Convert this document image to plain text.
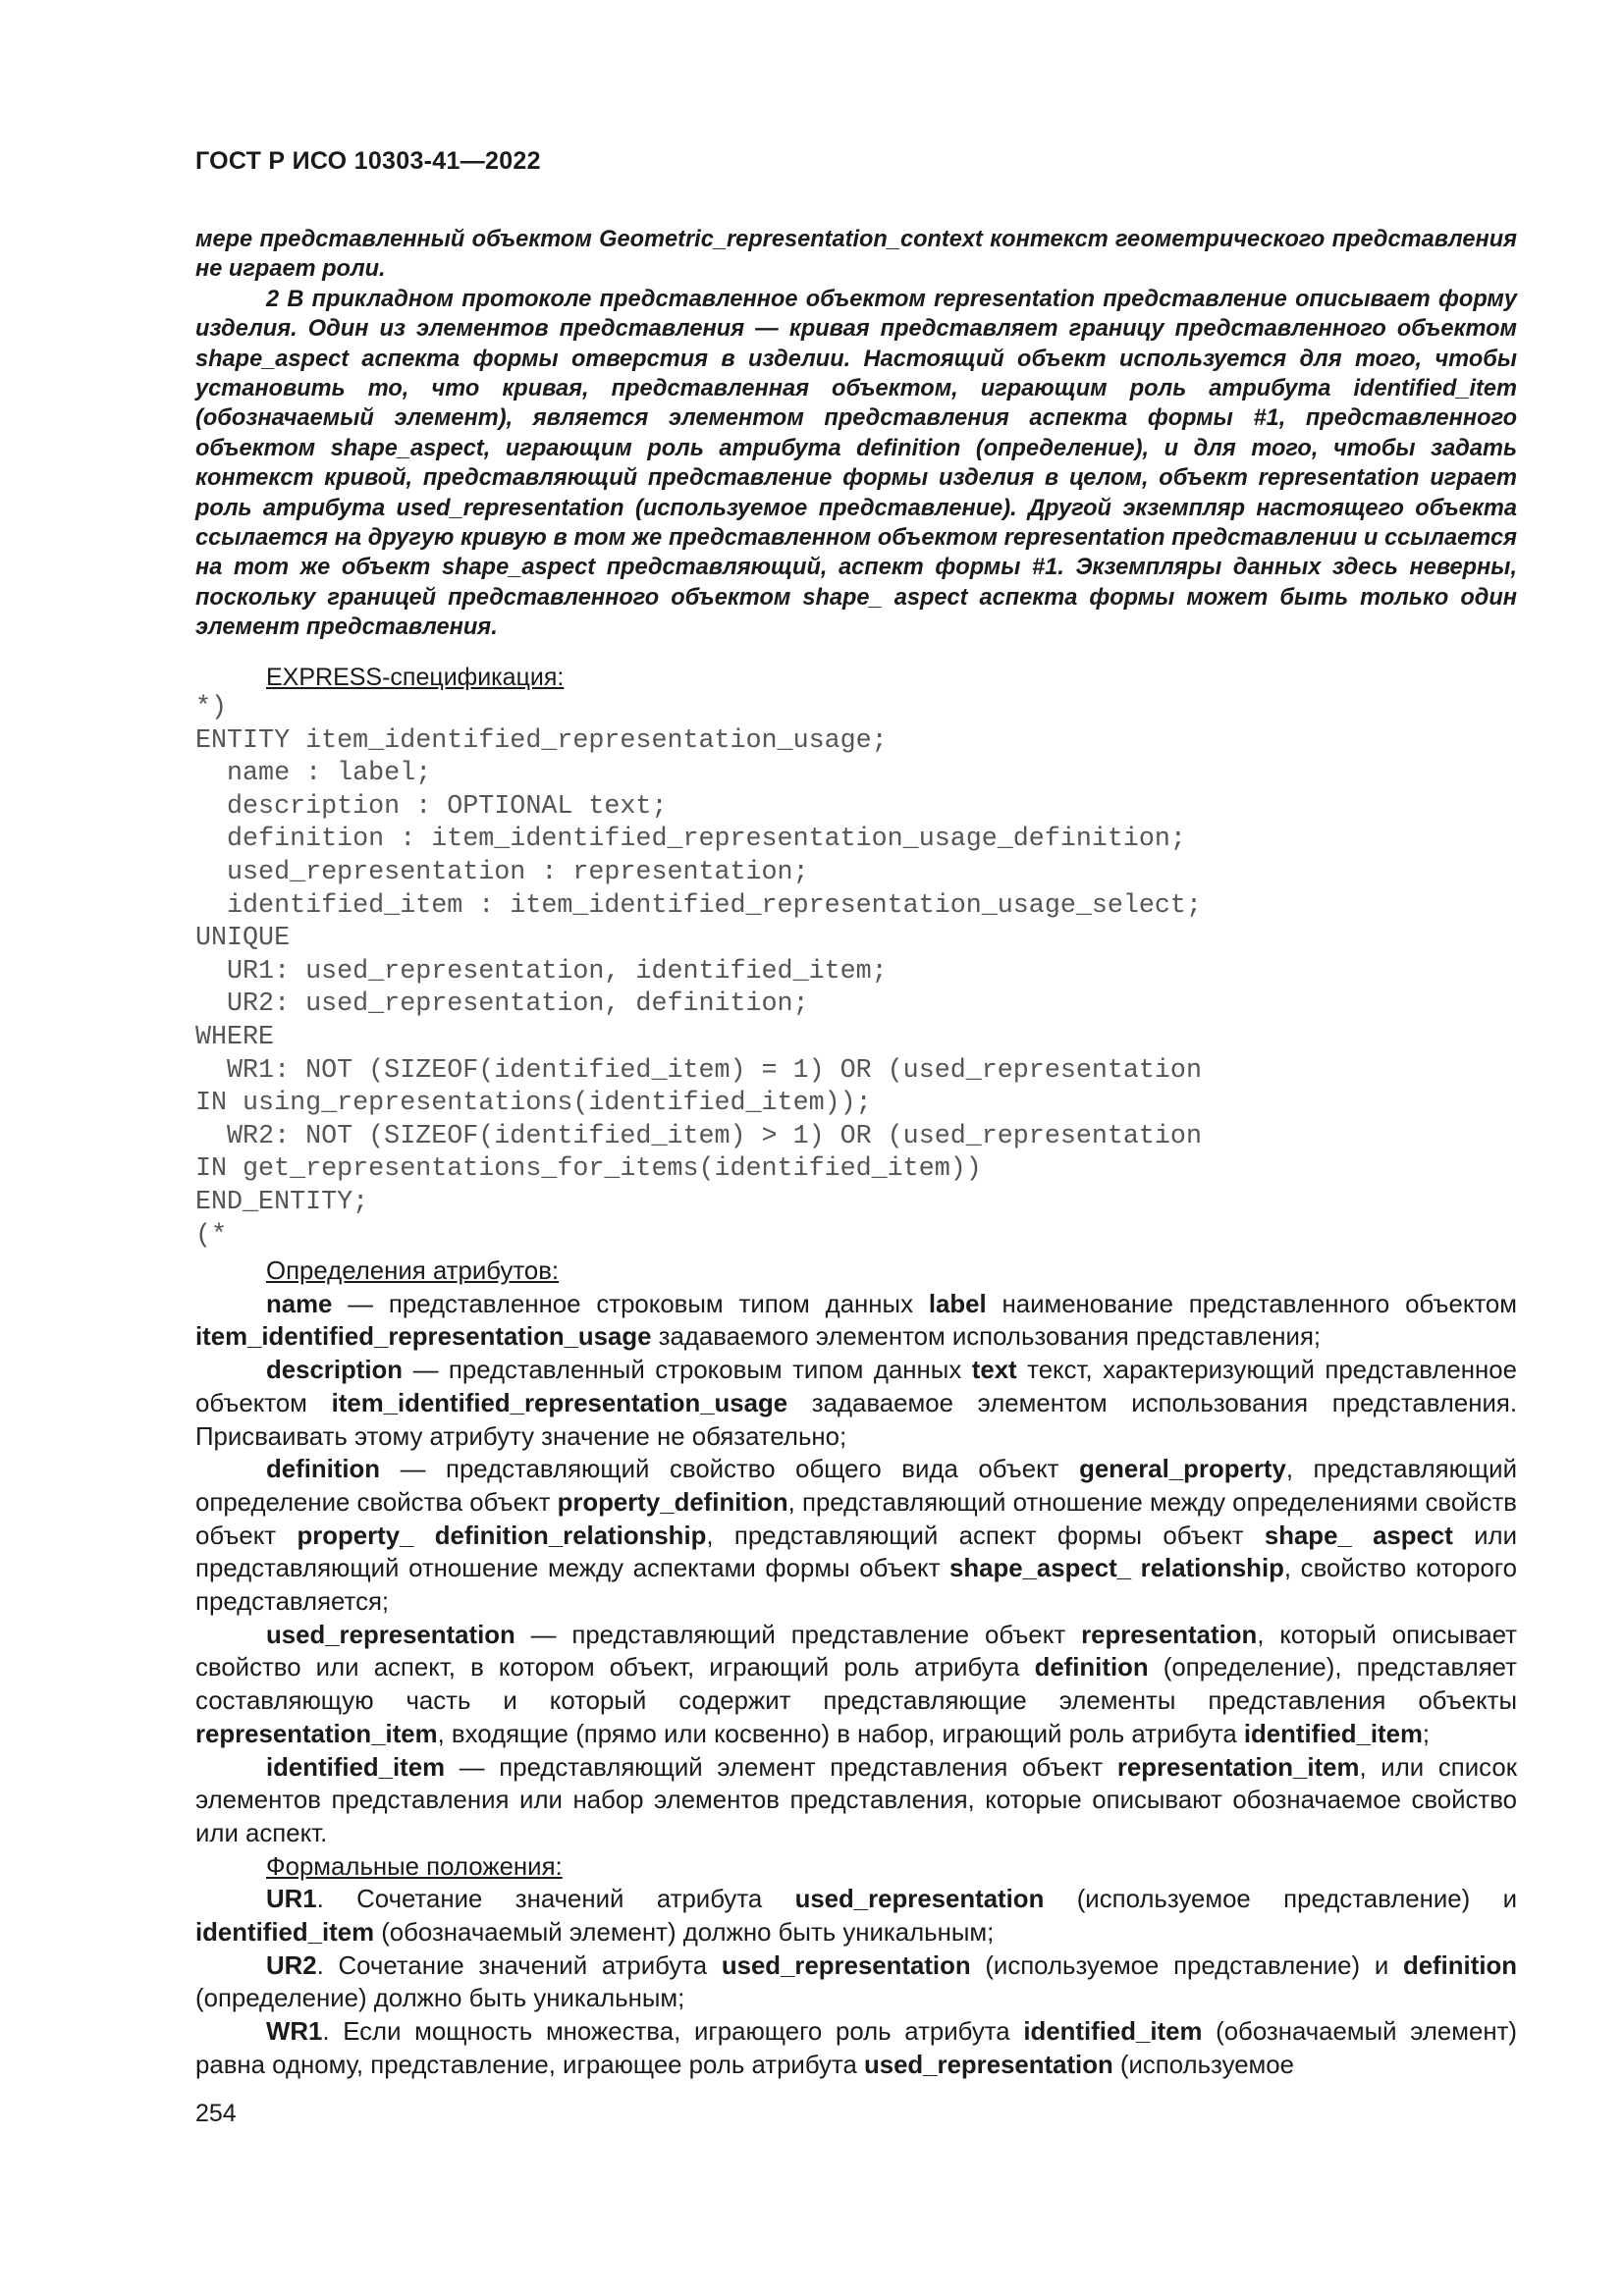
ГОСТ Р ИСО 10303-41—2022

мере представленный объектом Geometric_representation_context контекст геометрического представления не играет роли.

2 В прикладном протоколе представленное объектом representation представление описывает форму изделия. Один из элементов представления — кривая представляет границу представленного объектом shape_aspect аспекта формы отверстия в изделии. Настоящий объект используется для того, чтобы установить то, что кривая, представленная объектом, играющим роль атрибута identified_item (обозначаемый элемент), является элементом представления аспекта формы #1, представленного объектом shape_aspect, играющим роль атрибута definition (определение), и для того, чтобы задать контекст кривой, представляющий представление формы изделия в целом, объект representation играет роль атрибута used_representation (используемое представление). Другой экземпляр настоящего объекта ссылается на другую кривую в том же представленном объектом representation представлении и ссылается на тот же объект shape_aspect представляющий, аспект формы #1. Экземпляры данных здесь неверны, поскольку границей представленного объектом shape_ aspect аспекта формы может быть только один элемент представления.

EXPRESS-спецификация:
*)
ENTITY item_identified_representation_usage;
name : label;
description : OPTIONAL text;
definition : item_identified_representation_usage_definition;
used_representation : representation;
identified_item : item_identified_representation_usage_select;
UNIQUE
UR1: used_representation, identified_item;
UR2: used_representation, definition;
WHERE
WR1: NOT (SIZEOF(identified_item) = 1) OR (used_representation
IN using_representations(identified_item));
WR2: NOT (SIZEOF(identified_item) > 1) OR (used_representation
IN get_representations_for_items(identified_item))
END_ENTITY;
(*

Определения атрибутов:

name — представленное строковым типом данных label наименование представленного объектом item_identified_representation_usage задаваемого элементом использования представления;

description — представленный строковым типом данных text текст, характеризующий представленное объектом item_identified_representation_usage задаваемое элементом использования представления. Присваивать этому атрибуту значение не обязательно;

definition — представляющий свойство общего вида объект general_property, представляющий определение свойства объект property_definition, представляющий отношение между определениями свойств объект property_ definition_relationship, представляющий аспект формы объект shape_ aspect или представляющий отношение между аспектами формы объект shape_aspect_ relationship, свойство которого представляется;

used_representation — представляющий представление объект representation, который описывает свойство или аспект, в котором объект, играющий роль атрибута definition (определение), представляет составляющую часть и который содержит представляющие элементы представления объекты representation_item, входящие (прямо или косвенно) в набор, играющий роль атрибута identified_item;

identified_item — представляющий элемент представления объект representation_item, или список элементов представления или набор элементов представления, которые описывают обозначаемое свойство или аспект.

Формальные положения:

UR1. Сочетание значений атрибута used_representation (используемое представление) и identified_item (обозначаемый элемент) должно быть уникальным;

UR2. Сочетание значений атрибута used_representation (используемое представление) и definition (определение) должно быть уникальным;

WR1. Если мощность множества, играющего роль атрибута identified_item (обозначаемый элемент) равна одному, представление, играющее роль атрибута used_representation (используемое

254
